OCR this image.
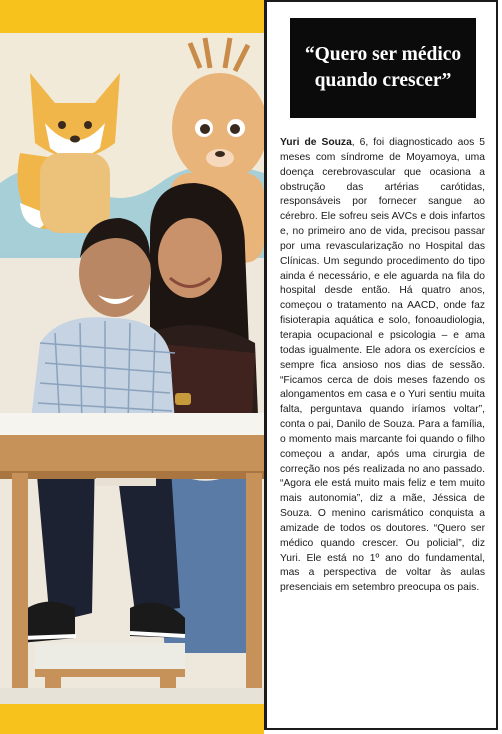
“Quero ser médico quando crescer”
Yuri de Souza, 6, foi diagnosticado aos 5 meses com síndrome de Moyamoya, uma doença cerebrovascular que ocasiona a obstrução das artérias carótidas, responsáveis por fornecer sangue ao cérebro. Ele sofreu seis AVCs e dois infartos e, no primeiro ano de vida, precisou passar por uma revascularização no Hospital das Clínicas. Um segundo procedimento do tipo ainda é necessário, e ele aguarda na fila do hospital desde então. Há quatro anos, começou o tratamento na AACD, onde faz fisioterapia aquática e solo, fonoaudiologia, terapia ocupacional e psicologia – e ama todas igualmente. Ele adora os exercícios e sempre fica ansioso nos dias de sessão. “Ficamos cerca de dois meses fazendo os alongamentos em casa e o Yuri sentiu muita falta, perguntava quando iríamos voltar”, conta o pai, Danilo de Souza. Para a família, o momento mais marcante foi quando o filho começou a andar, após uma cirurgia de correção nos pés realizada no ano passado. “Agora ele está muito mais feliz e tem muito mais autonomia”, diz a mãe, Jéssica de Souza. O menino carismático conquista a amizade de todos os doutores. “Quero ser médico quando crescer. Ou policial”, diz Yuri. Ele está no 1º ano do fundamental, mas a perspectiva de voltar às aulas presenciais em setembro preocupa os pais.
